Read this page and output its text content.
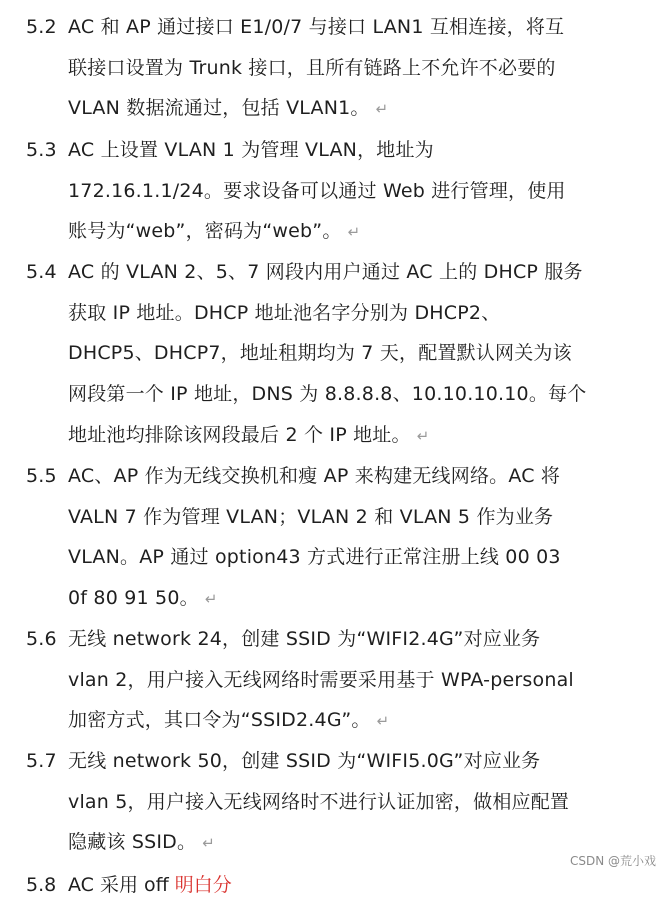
5.2 AC 和 AP 通过接口 E1/0/7 与接口 LAN1 互相连接，将互
联接口设置为 Trunk 接口，且所有链路上不允许不必要的
VLAN 数据流通过，包括 VLAN1。 ↵
5.3 AC 上设置 VLAN 1 为管理 VLAN，地址为
172.16.1.1/24。要求设备可以通过 Web 进行管理，使用
账号为“web”，密码为“web”。 ↵
5.4 AC 的 VLAN 2、5、7 网段内用户通过 AC 上的 DHCP 服务
获取 IP 地址。DHCP 地址池名字分别为 DHCP2、
DHCP5、DHCP7，地址租期均为 7 天，配置默认网关为该
网段第一个 IP 地址，DNS 为 8.8.8.8、10.10.10.10。每个
地址池均排除该网段最后 2 个 IP 地址。 ↵
5.5 AC、AP 作为无线交换机和瘦 AP 来构建无线网络。AC 将
VALN 7 作为管理 VLAN；VLAN 2 和 VLAN 5 作为业务
VLAN。AP 通过 option43 方式进行正常注册上线 00 03
0f 80 91 50。 ↵
5.6 无线 network 24，创建 SSID 为“WIFI2.4G”对应业务
vlan 2，用户接入无线网络时需要采用基于 WPA-personal
加密方式，其口令为“SSID2.4G”。 ↵
5.7 无线 network 50，创建 SSID 为“WIFI5.0G”对应业务
vlan 5，用户接入无线网络时不进行认证加密，做相应配置
隐藏该 SSID。 ↵
5.8 AC 采用 off 明白分
CSDN @荒小戏
